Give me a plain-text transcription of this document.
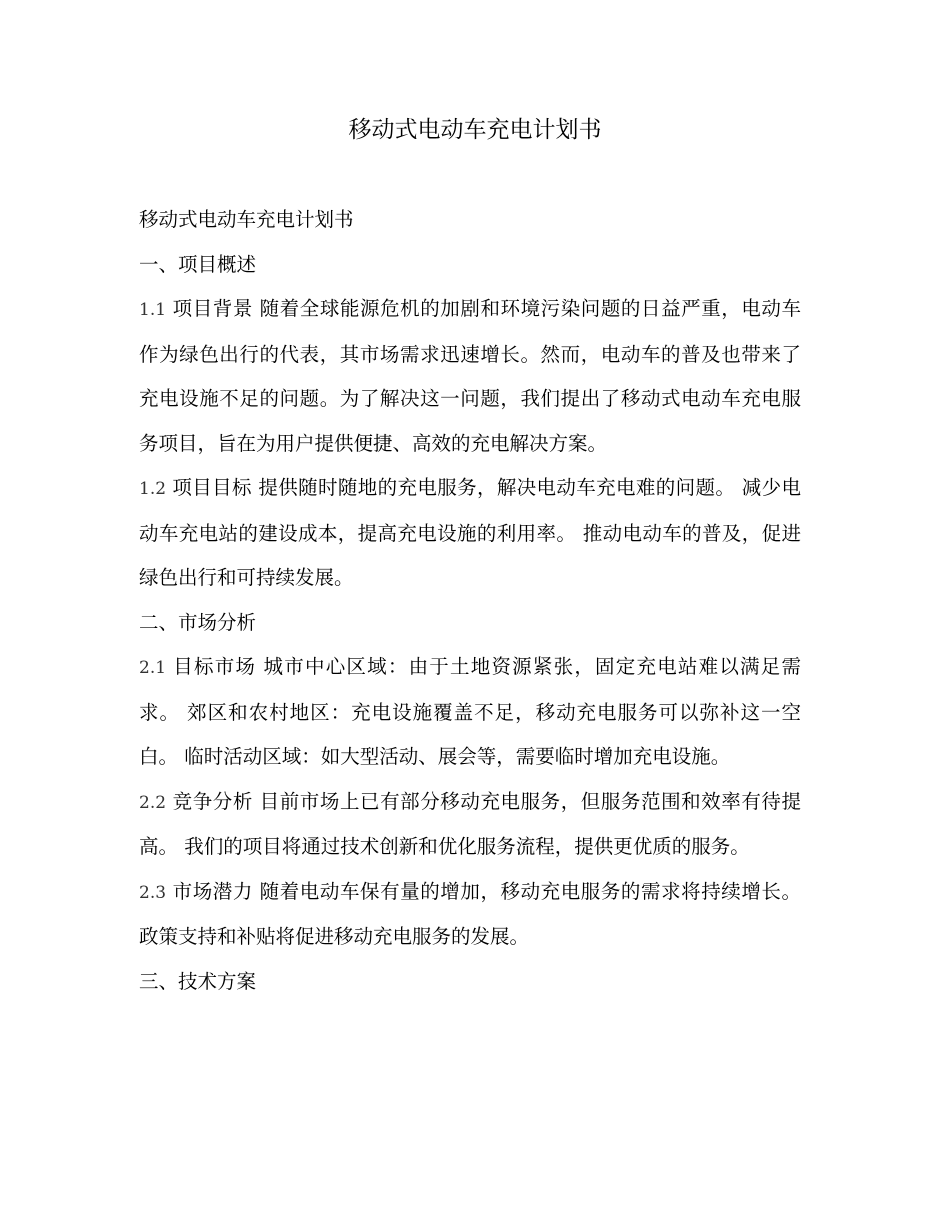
移动式电动车充电计划书

移动式电动车充电计划书

一、项目概述

1.1 项目背景 随着全球能源危机的加剧和环境污染问题的日益严重，电动车作为绿色出行的代表，其市场需求迅速增长。然而，电动车的普及也带来了充电设施不足的问题。为了解决这一问题，我们提出了移动式电动车充电服务项目，旨在为用户提供便捷、高效的充电解决方案。

1.2 项目目标 提供随时随地的充电服务，解决电动车充电难的问题。 减少电动车充电站的建设成本，提高充电设施的利用率。 推动电动车的普及，促进绿色出行和可持续发展。

二、市场分析

2.1 目标市场 城市中心区域：由于土地资源紧张，固定充电站难以满足需求。 郊区和农村地区：充电设施覆盖不足，移动充电服务可以弥补这一空白。 临时活动区域：如大型活动、展会等，需要临时增加充电设施。

2.2 竞争分析 目前市场上已有部分移动充电服务，但服务范围和效率有待提高。 我们的项目将通过技术创新和优化服务流程，提供更优质的服务。

2.3 市场潜力 随着电动车保有量的增加，移动充电服务的需求将持续增长。 政策支持和补贴将促进移动充电服务的发展。

三、技术方案
